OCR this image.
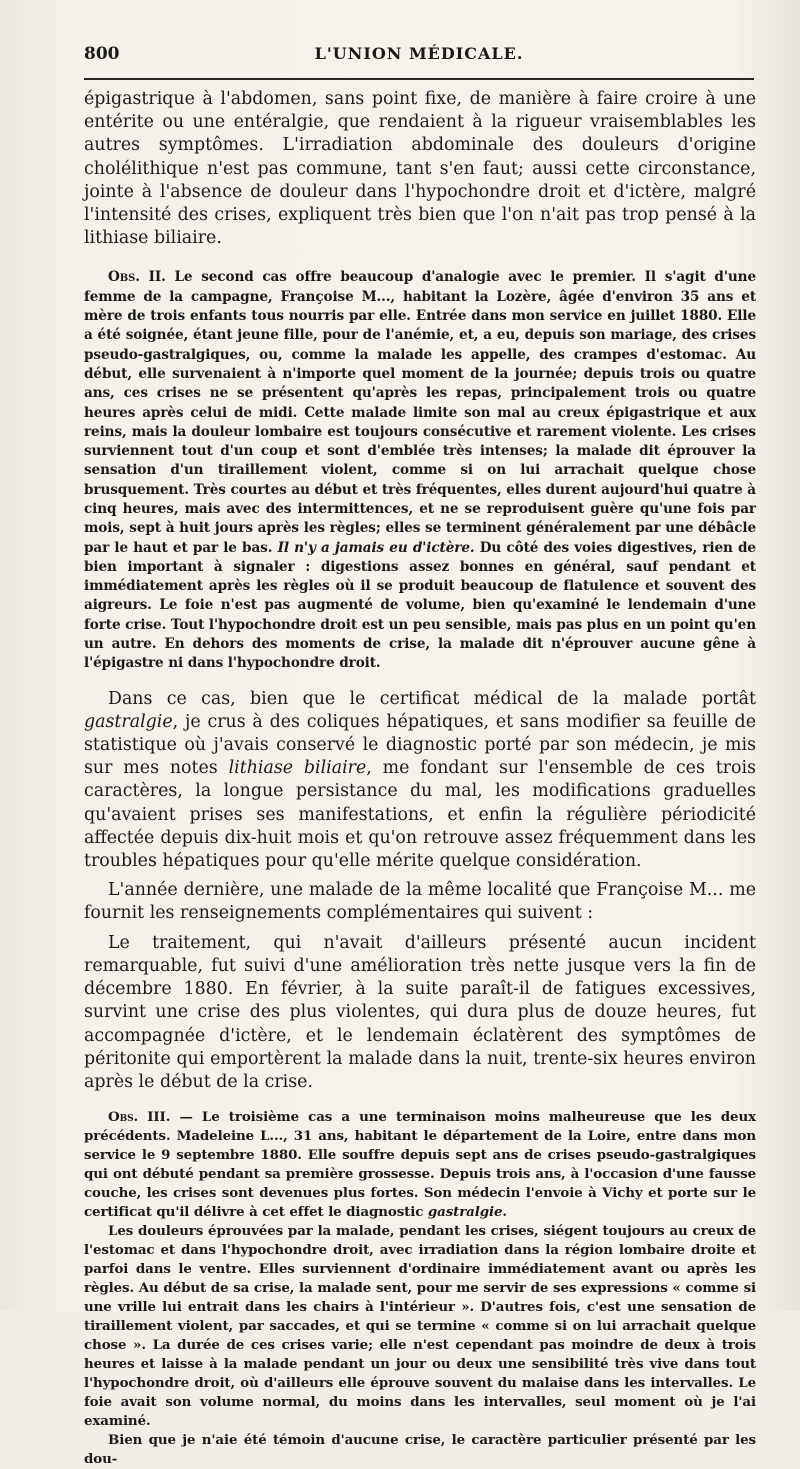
L'UNION MÉDICALE.
800

épigastrique à l'abdomen, sans point fixe, de manière à faire croire à une entérite ou une entéralgie, que rendaient à la rigueur vraisemblables les autres symptômes. L'irradiation abdominale des douleurs d'origine cholélithique n'est pas commune, tant s'en faut; aussi cette circonstance, jointe à l'absence de douleur dans l'hypochondre droit et d'ictère, malgré l'intensité des crises, expliquent très bien que l'on n'ait pas trop pensé à la lithiase biliaire.

Obs. II. Le second cas offre beaucoup d'analogie avec le premier. Il s'agit d'une femme de la campagne, Françoise M..., habitant la Lozère, âgée d'environ 35 ans et mère de trois enfants tous nourris par elle. Entrée dans mon service en juillet 1880. Elle a été soignée, étant jeune fille, pour de l'anémie, et, a eu, depuis son mariage, des crises pseudo-gastralgiques, ou, comme la malade les appelle, des crampes d'estomac. Au début, elle survenaient à n'importe quel moment de la journée; depuis trois ou quatre ans, ces crises ne se présentent qu'après les repas, principalement trois ou quatre heures après celui de midi. Cette malade limite son mal au creux épigastrique et aux reins, mais la douleur lombaire est toujours consécutive et rarement violente. Les crises surviennent tout d'un coup et sont d'emblée très intenses; la malade dit éprouver la sensation d'un tiraillement violent, comme si on lui arrachait quelque chose brusquement. Très courtes au début et très fréquentes, elles durent aujourd'hui quatre à cinq heures, mais avec des intermittences, et ne se reproduisent guère qu'une fois par mois, sept à huit jours après les règles; elles se terminent généralement par une débâcle par le haut et par le bas. Il n'y a jamais eu d'ictère. Du côté des voies digestives, rien de bien important à signaler : digestions assez bonnes en général, sauf pendant et immédiatement après les règles où il se produit beaucoup de flatulence et souvent des aigreurs. Le foie n'est pas augmenté de volume, bien qu'examiné le lendemain d'une forte crise. Tout l'hypochondre droit est un peu sensible, mais pas plus en un point qu'en un autre. En dehors des moments de crise, la malade dit n'éprouver aucune gêne à l'épigastre ni dans l'hypochondre droit.

Dans ce cas, bien que le certificat médical de la malade portât gastralgie, je crus à des coliques hépatiques, et sans modifier sa feuille de statistique où j'avais conservé le diagnostic porté par son médecin, je mis sur mes notes lithiase biliaire, me fondant sur l'ensemble de ces trois caractères, la longue persistance du mal, les modifications graduelles qu'avaient prises ses manifestations, et enfin la régulière périodicité affectée depuis dix-huit mois et qu'on retrouve assez fréquemment dans les troubles hépatiques pour qu'elle mérite quelque considération.

L'année dernière, une malade de la même localité que Françoise M... me fournit les renseignements complémentaires qui suivent :

Le traitement, qui n'avait d'ailleurs présenté aucun incident remarquable, fut suivi d'une amélioration très nette jusque vers la fin de décembre 1880. En février, à la suite paraît-il de fatigues excessives, survint une crise des plus violentes, qui dura plus de douze heures, fut accompagnée d'ictère, et le lendemain éclatèrent des symptômes de péritonite qui emportèrent la malade dans la nuit, trente-six heures environ après le début de la crise.

Obs. III. — Le troisième cas a une terminaison moins malheureuse que les deux précédents. Madeleine L..., 31 ans, habitant le département de la Loire, entre dans mon service le 9 septembre 1880. Elle souffre depuis sept ans de crises pseudo-gastralgiques qui ont débuté pendant sa première grossesse. Depuis trois ans, à l'occasion d'une fausse couche, les crises sont devenues plus fortes. Son médecin l'envoie à Vichy et porte sur le certificat qu'il délivre à cet effet le diagnostic gastralgie.

Les douleurs éprouvées par la malade, pendant les crises, siégent toujours au creux de l'estomac et dans l'hypochondre droit, avec irradiation dans la région lombaire droite et parfoi dans le ventre. Elles surviennent d'ordinaire immédiatement avant ou après les règles. Au début de sa crise, la malade sent, pour me servir de ses expressions « comme si une vrille lui entrait dans les chairs à l'intérieur ». D'autres fois, c'est une sensation de tiraillement violent, par saccades, et qui se termine « comme si on lui arrachait quelque chose ». La durée de ces crises varie; elle n'est cependant pas moindre de deux à trois heures et laisse à la malade pendant un jour ou deux une sensibilité très vive dans tout l'hypochondre droit, où d'ailleurs elle éprouve souvent du malaise dans les intervalles. Le foie avait son volume normal, du moins dans les intervalles, seul moment où je l'ai examiné.

Bien que je n'aie été témoin d'aucune crise, le caractère particulier présenté par les dou-
